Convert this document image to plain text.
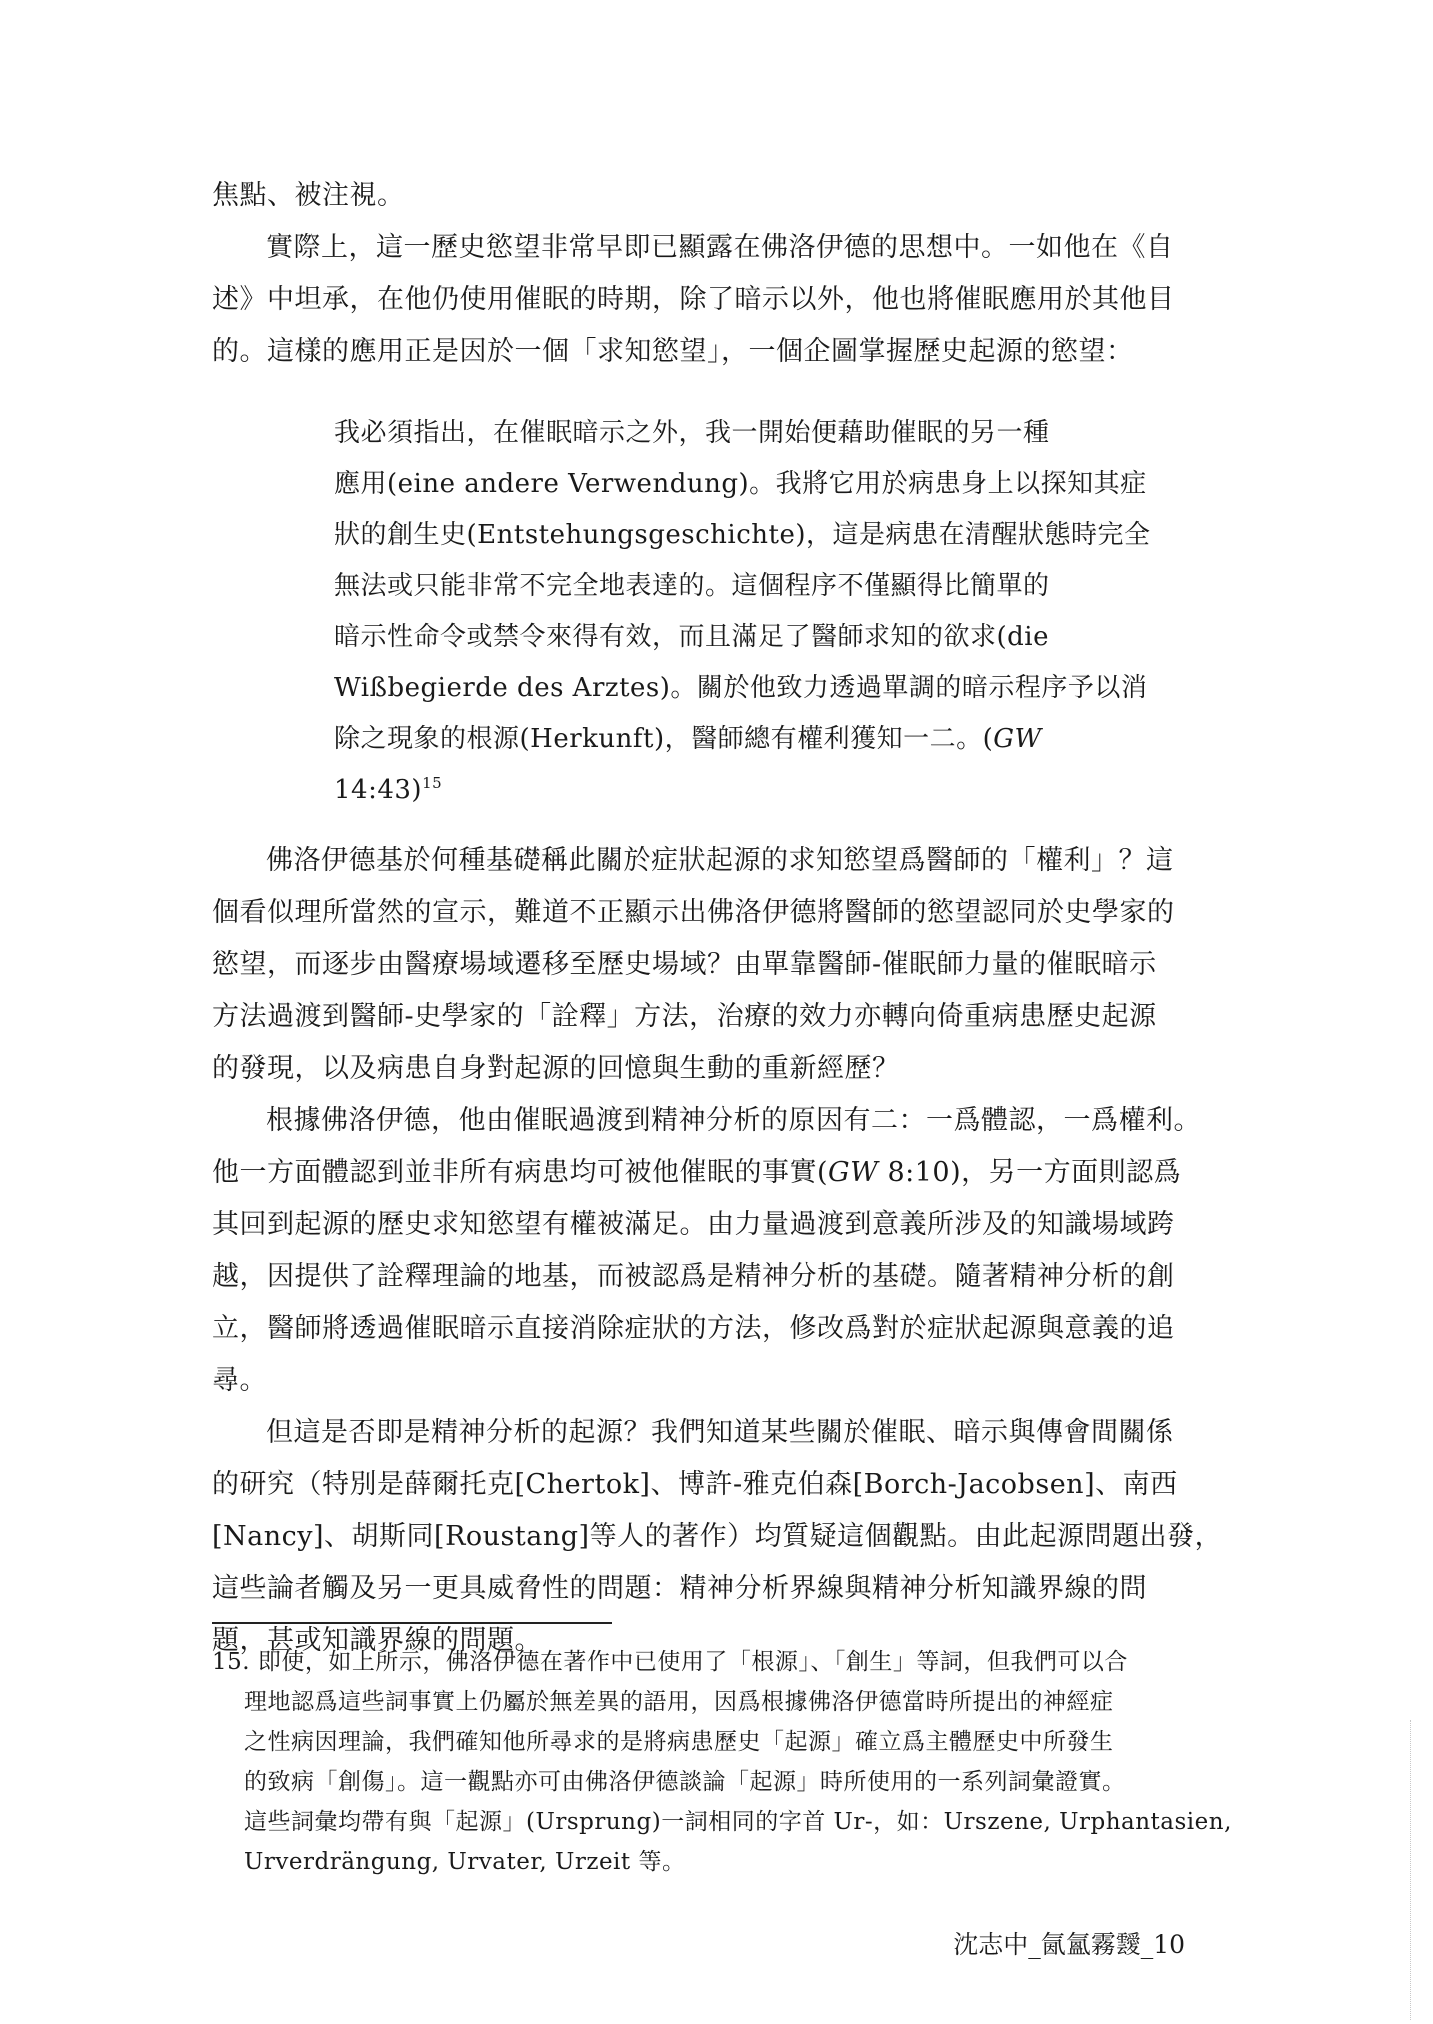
焦點、被注視。
實際上，這一歷史慾望非常早即已顯露在佛洛伊德的思想中。一如他在《自
述》中坦承，在他仍使用催眠的時期，除了暗示以外，他也將催眠應用於其他目
的。這樣的應用正是因於一個「求知慾望」，一個企圖掌握歷史起源的慾望：
我必須指出，在催眠暗示之外，我一開始便藉助催眠的另一種
應用(eine andere Verwendung)。我將它用於病患身上以探知其症
狀的創生史(Entstehungsgeschichte)，這是病患在清醒狀態時完全
無法或只能非常不完全地表達的。這個程序不僅顯得比簡單的
暗示性命令或禁令來得有效，而且滿足了醫師求知的欲求(die
Wißbegierde des Arztes)。關於他致力透過單調的暗示程序予以消
除之現象的根源(Herkunft)，醫師總有權利獲知一二。(GW
14:43)$^{15}$
佛洛伊德基於何種基礎稱此關於症狀起源的求知慾望爲醫師的「權利」？這
個看似理所當然的宣示，難道不正顯示出佛洛伊德將醫師的慾望認同於史學家的
慾望，而逐步由醫療場域遷移至歷史場域？由單靠醫師-催眠師力量的催眠暗示
方法過渡到醫師-史學家的「詮釋」方法，治療的效力亦轉向倚重病患歷史起源
的發現，以及病患自身對起源的回憶與生動的重新經歷？
根據佛洛伊德，他由催眠過渡到精神分析的原因有二：一爲體認，一爲權利。
他一方面體認到並非所有病患均可被他催眠的事實(GW 8:10)，另一方面則認爲
其回到起源的歷史求知慾望有權被滿足。由力量過渡到意義所涉及的知識場域跨
越，因提供了詮釋理論的地基，而被認爲是精神分析的基礎。隨著精神分析的創
立，醫師將透過催眠暗示直接消除症狀的方法，修改爲對於症狀起源與意義的追
尋。
但這是否即是精神分析的起源？我們知道某些關於催眠、暗示與傳會間關係
的研究（特別是薛爾托克[Chertok]、博許-雅克伯森[Borch-Jacobsen]、南西
[Nancy]、胡斯同[Roustang]等人的著作）均質疑這個觀點。由此起源問題出發，
這些論者觸及另一更具威脅性的問題：精神分析界線與精神分析知識界線的問
題，甚或知識界線的問題。
15. 即使，如上所示，佛洛伊德在著作中已使用了「根源」、「創生」等詞，但我們可以合
理地認爲這些詞事實上仍屬於無差異的語用，因爲根據佛洛伊德當時所提出的神經症
之性病因理論，我們確知他所尋求的是將病患歷史「起源」確立爲主體歷史中所發生
的致病「創傷」。這一觀點亦可由佛洛伊德談論「起源」時所使用的一系列詞彙證實。
這些詞彙均帶有與「起源」(Ursprung)一詞相同的字首 Ur-，如：Urszene, Urphantasien,
Urverdrängung, Urvater, Urzeit 等。
沈志中_氤氳霧靉_10
